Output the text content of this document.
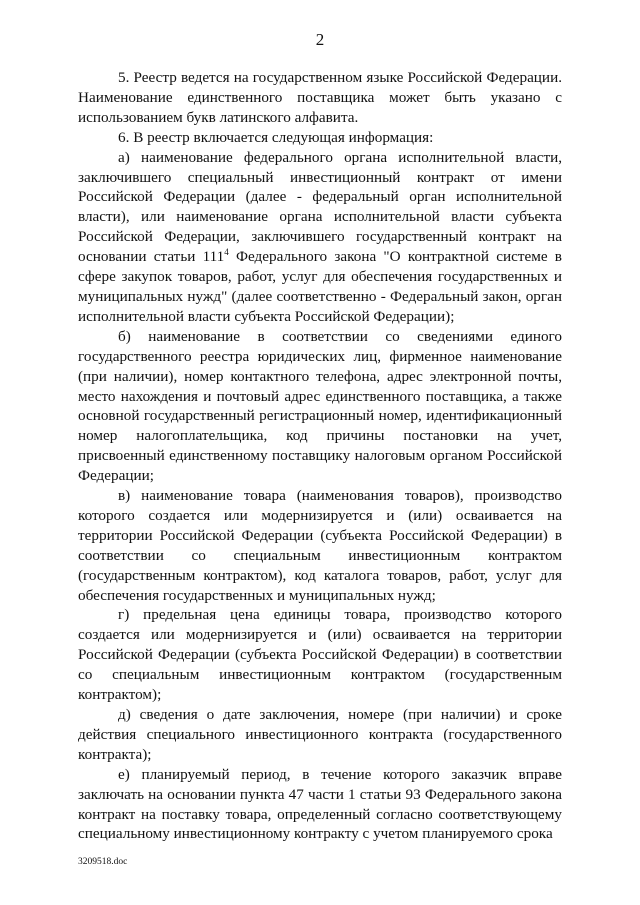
2

5. Реестр ведется на государственном языке Российской Федерации. Наименование единственного поставщика может быть указано с использованием букв латинского алфавита.

6. В реестр включается следующая информация:

а) наименование федерального органа исполнительной власти, заключившего специальный инвестиционный контракт от имени Российской Федерации (далее - федеральный орган исполнительной власти), или наименование органа исполнительной власти субъекта Российской Федерации, заключившего государственный контракт на основании статьи $111^4$ Федерального закона "О контрактной системе в сфере закупок товаров, работ, услуг для обеспечения государственных и муниципальных нужд" (далее соответственно - Федеральный закон, орган исполнительной власти субъекта Российской Федерации);

б) наименование в соответствии со сведениями единого государственного реестра юридических лиц, фирменное наименование (при наличии), номер контактного телефона, адрес электронной почты, место нахождения и почтовый адрес единственного поставщика, а также основной государственный регистрационный номер, идентификационный номер налогоплательщика, код причины постановки на учет, присвоенный единственному поставщику налоговым органом Российской Федерации;

в) наименование товара (наименования товаров), производство которого создается или модернизируется и (или) осваивается на территории Российской Федерации (субъекта Российской Федерации) в соответствии со специальным инвестиционным контрактом (государственным контрактом), код каталога товаров, работ, услуг для обеспечения государственных и муниципальных нужд;

г) предельная цена единицы товара, производство которого создается или модернизируется и (или) осваивается на территории Российской Федерации (субъекта Российской Федерации) в соответствии со специальным инвестиционным контрактом (государственным контрактом);

д) сведения о дате заключения, номере (при наличии) и сроке действия специального инвестиционного контракта (государственного контракта);

е) планируемый период, в течение которого заказчик вправе заключать на основании пункта 47 части 1 статьи 93 Федерального закона контракт на поставку товара, определенный согласно соответствующему специальному инвестиционному контракту с учетом планируемого срока

3209518.doc
